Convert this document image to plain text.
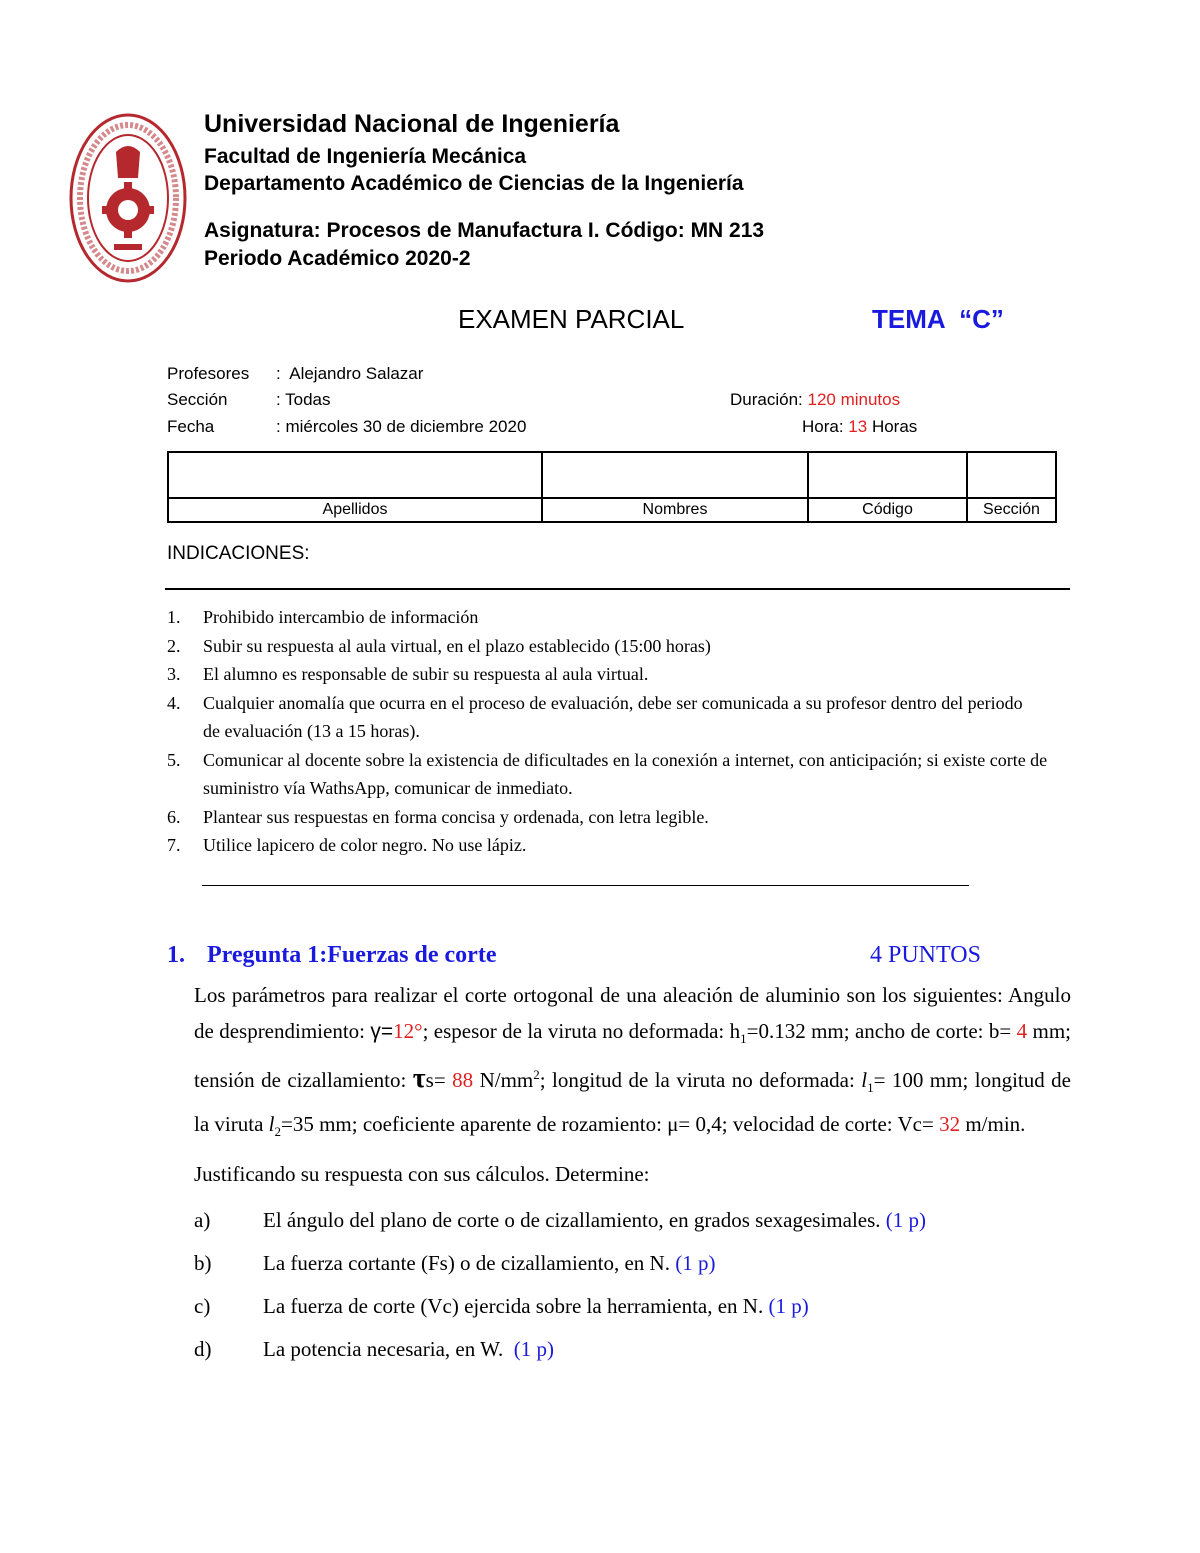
Universidad Nacional de Ingeniería
Facultad de Ingeniería Mecánica
Departamento Académico de Ciencias de la Ingeniería
Asignatura: Procesos de Manufactura I. Código: MN 213
Periodo Académico 2020-2
EXAMEN PARCIAL	TEMA  “C”
Profesores :  Alejandro Salazar
Sección	: Todas
Fecha	: miércoles 30 de diciembre 2020
Duración: 120 minutos
Hora: 13 Horas

Apellidos	Nombres	Código	Sección
INDICACIONES:
1.	Prohibido intercambio de información
2.	Subir su respuesta al aula virtual, en el plazo establecido (15:00 horas)
3.	El alumno es responsable de subir su respuesta al aula virtual.
4.	Cualquier anomalía que ocurra en el proceso de evaluación, debe ser comunicada a su profesor dentro del periodo de evaluación (13 a 15 horas).
5.	Comunicar al docente sobre la existencia de dificultades en la conexión a internet, con anticipación; si existe corte de suministro vía WathsApp, comunicar de inmediato.
6.	Plantear sus respuestas en forma concisa y ordenada, con letra legible.
7.	Utilice lapicero de color negro. No use lápiz.
1. Pregunta 1:Fuerzas de corte	4 PUNTOS
Los parámetros para realizar el corte ortogonal de una aleación de aluminio son los siguientes: Angulo de desprendimiento: γ=12°; espesor de la viruta no deformada: $h_1=0.132$ mm; ancho de corte: b= 4 mm; tensión de cizallamiento: τs= 88 $N/mm^2$; longitud de la viruta no deformada: $l_1= 100$ mm; longitud de la viruta $l_2=35$ mm; coeficiente aparente de rozamiento: μ= 0,4; velocidad de corte: Vc= 32 m/min.
Justificando su respuesta con sus cálculos. Determine:
a)	El ángulo del plano de corte o de cizallamiento, en grados sexagesimales. (1 p)
b)	La fuerza cortante (Fs) o de cizallamiento, en N. (1 p)
c)	La fuerza de corte (Vc) ejercida sobre la herramienta, en N. (1 p)
d)	La potencia necesaria, en W. (1 p)
